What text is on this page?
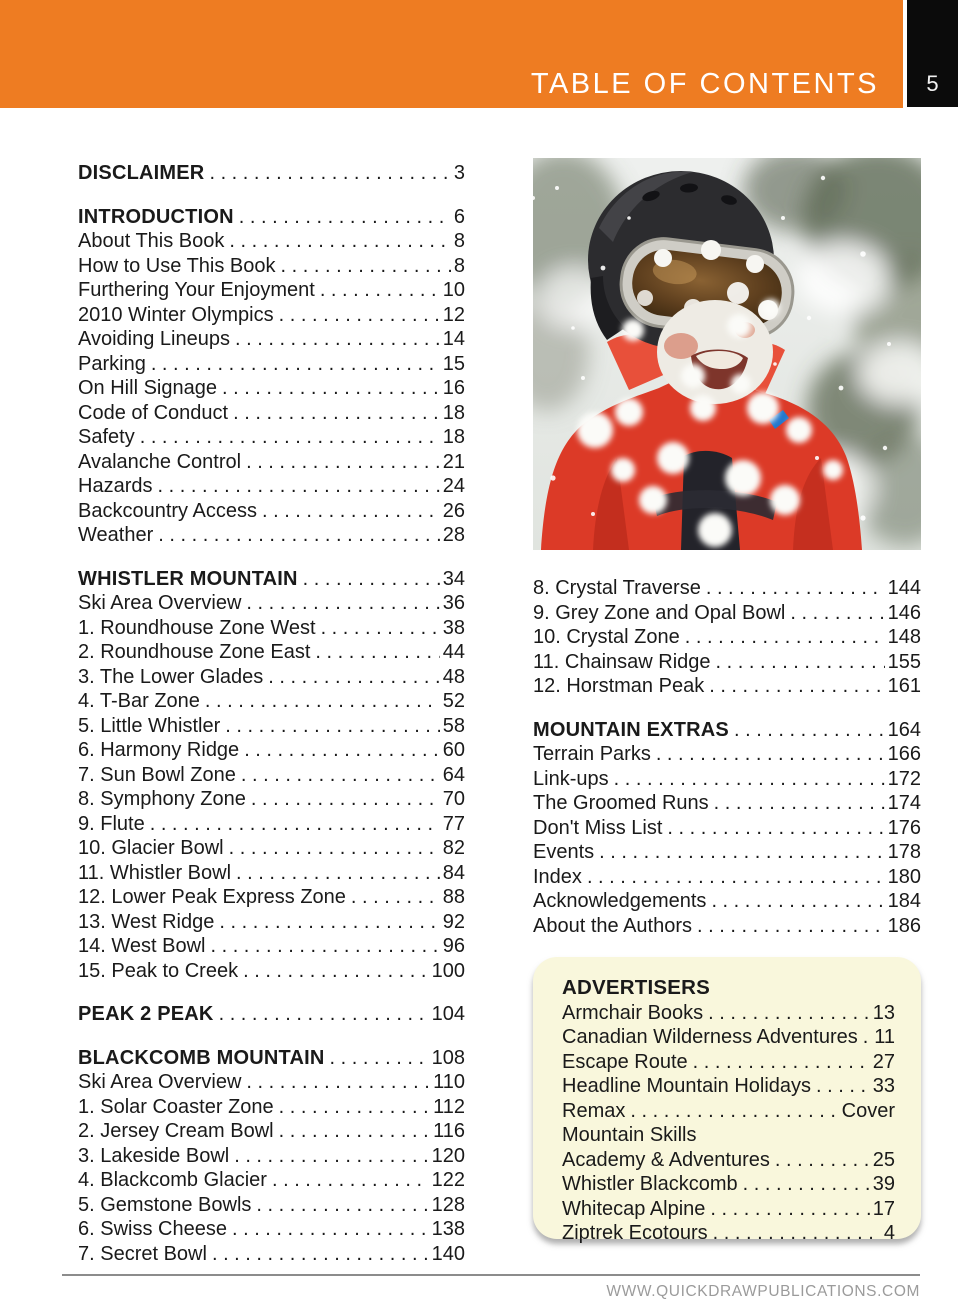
TABLE OF CONTENTS 5
DISCLAIMER . . .	3
INTRODUCTION . . .	6
About This Book . . .	8
How to Use This Book . . .	8
Furthering Your Enjoyment . . .	10
2010 Winter Olympics . . .	12
Avoiding Lineups . . .	14
Parking . . .	15
On Hill Signage . . .	16
Code of Conduct . . .	18
Safety . . .	18
Avalanche Control . . .	21
Hazards . . .	24
Backcountry Access . . .	26
Weather . . .	28
WHISTLER MOUNTAIN . . .	34
Ski Area Overview . . .	36
1. Roundhouse Zone West . . .	38
2. Roundhouse Zone East . . .	44
3. The Lower Glades . . .	48
4. T-Bar Zone . . .	52
5. Little Whistler . . .	58
6. Harmony Ridge . . .	60
7. Sun Bowl Zone . . .	64
8. Symphony Zone . . .	70
9. Flute . . .	77
10. Glacier Bowl . . .	82
11. Whistler Bowl . . .	84
12. Lower Peak Express Zone . . .	88
13. West Ridge . . .	92
14. West Bowl . . .	96
15. Peak to Creek . . .	100
PEAK 2 PEAK . . .	104
BLACKCOMB MOUNTAIN . . .	108
Ski Area Overview . . .	110
1. Solar Coaster Zone . . .	112
2. Jersey Cream Bowl . . .	116
3. Lakeside Bowl . . .	120
4. Blackcomb Glacier . . .	122
5. Gemstone Bowls . . .	128
6. Swiss Cheese . . .	138
7. Secret Bowl . . .	140
8. Crystal Traverse . . .	144
9. Grey Zone and Opal Bowl . . .	146
10. Crystal Zone . . .	148
11. Chainsaw Ridge . . .	155
12. Horstman Peak . . .	161
MOUNTAIN EXTRAS . . .	164
Terrain Parks . . .	166
Link-ups . . .	172
The Groomed Runs . . .	174
Don't Miss List . . .	176
Events . . .	178
Index . . .	180
Acknowledgements . . .	184
About the Authors . . .	186
ADVERTISERS
Armchair Books . . .	13
Canadian Wilderness Adventures . . . 11
Escape Route . . .	27
Headline Mountain Holidays . . .	33
Remax . . .	Cover
Mountain Skills
Academy & Adventures . . .	25
Whistler Blackcomb . . .	39
Whitecap Alpine . . .	17
Ziptrek Ecotours . . .	4
WWW.QUICKDRAWPUBLICATIONS.COM
